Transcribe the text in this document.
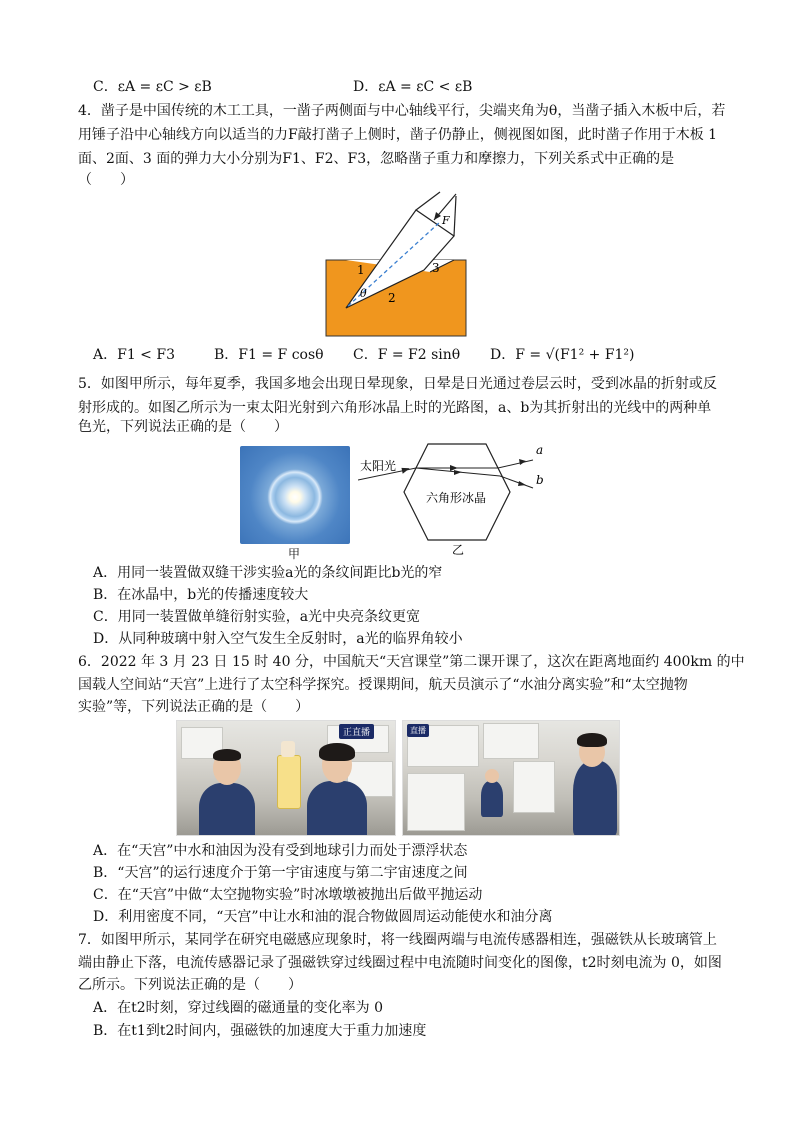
C．εA = εC > εB	D．εA = εC < εB
4．凿子是中国传统的木工工具，一凿子两侧面与中心轴线平行，尖端夹角为θ，当凿子插入木板中后，若
用锤子沿中心轴线方向以适当的力F敲打凿子上侧时，凿子仍静止，侧视图如图，此时凿子作用于木板 1
面、2面、3 面的弹力大小分别为F1、F2、F3，忽略凿子重力和摩擦力，下列关系式中正确的是
（　　）
F
1
2
3
θ
A．F1 < F3	B．F1 = F cosθ C．F = F2 sinθ D．F = √(F1² + F1²)
5．如图甲所示，每年夏季，我国多地会出现日晕现象，日晕是日光通过卷层云时，受到冰晶的折射或反
射形成的。如图乙所示为一束太阳光射到六角形冰晶上时的光路图，a、b为其折射出的光线中的两种单
色光，下列说法正确的是（　　）
甲
太阳光
六角形冰晶
a
b
乙
A．用同一装置做双缝干涉实验a光的条纹间距比b光的窄
B．在冰晶中，b光的传播速度较大
C．用同一装置做单缝衍射实验，a光中央亮条纹更宽
D．从同种玻璃中射入空气发生全反射时，a光的临界角较小
6．2022 年 3 月 23 日 15 时 40 分，中国航天“天宫课堂”第二课开课了，这次在距离地面约 400km 的中
国载人空间站“天宫”上进行了太空科学探究。授课期间，航天员演示了“水油分离实验”和“太空抛物
实验”等，下列说法正确的是（　　）
正直播	直播
A．在“天宫”中水和油因为没有受到地球引力而处于漂浮状态
B．“天宫”的运行速度介于第一宇宙速度与第二宇宙速度之间
C．在“天宫”中做“太空抛物实验”时冰墩墩被抛出后做平抛运动
D．利用密度不同，“天宫”中让水和油的混合物做圆周运动能使水和油分离
7．如图甲所示，某同学在研究电磁感应现象时，将一线圈两端与电流传感器相连，强磁铁从长玻璃管上
端由静止下落，电流传感器记录了强磁铁穿过线圈过程中电流随时间变化的图像，t2时刻电流为 0，如图
乙所示。下列说法正确的是（　　）
A．在t2时刻，穿过线圈的磁通量的变化率为 0
B．在t1到t2时间内，强磁铁的加速度大于重力加速度
